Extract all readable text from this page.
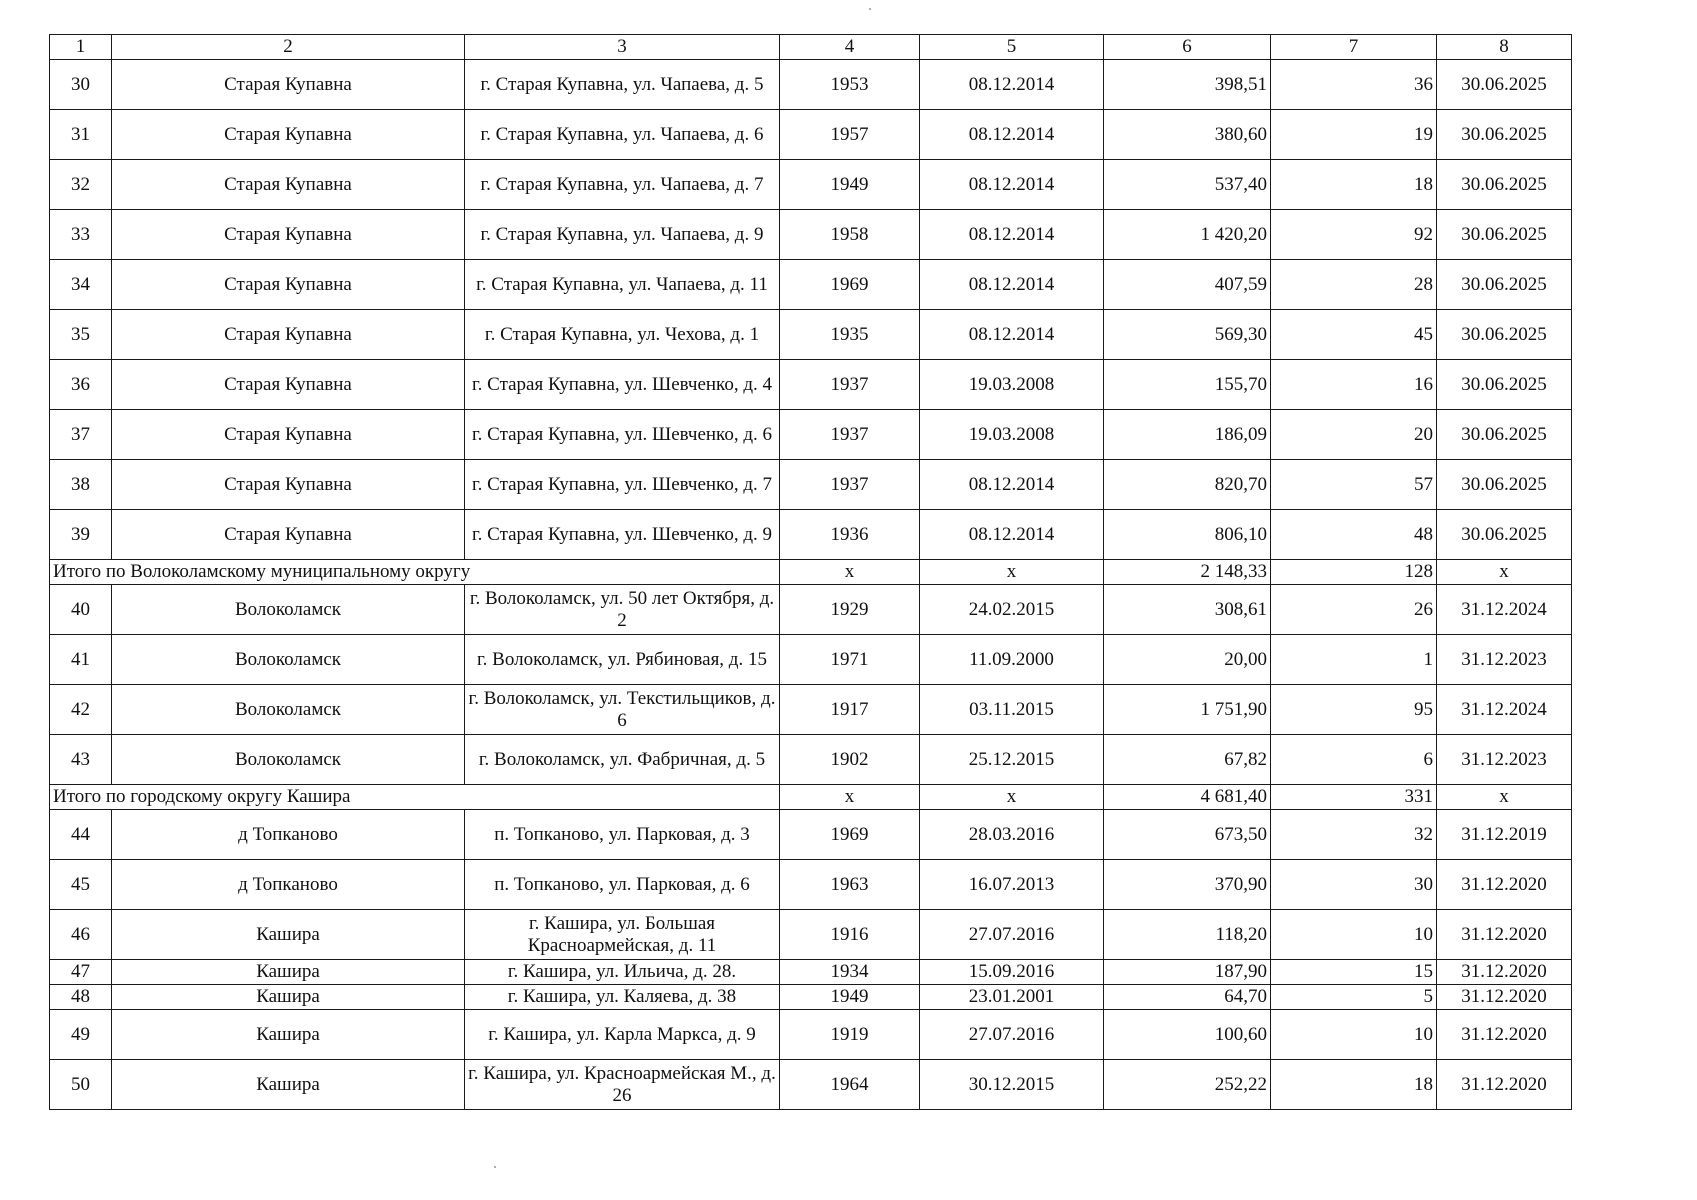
1	2	3	4	5	6	7	8
30	Старая Купавна	г. Старая Купавна, ул. Чапаева, д. 5	1953	08.12.2014	398,51	36	30.06.2025
31	Старая Купавна	г. Старая Купавна, ул. Чапаева, д. 6	1957	08.12.2014	380,60	19	30.06.2025
32	Старая Купавна	г. Старая Купавна, ул. Чапаева, д. 7	1949	08.12.2014	537,40	18	30.06.2025
33	Старая Купавна	г. Старая Купавна, ул. Чапаева, д. 9	1958	08.12.2014	1 420,20	92	30.06.2025
34	Старая Купавна	г. Старая Купавна, ул. Чапаева, д. 11	1969	08.12.2014	407,59	28	30.06.2025
35	Старая Купавна	г. Старая Купавна, ул. Чехова, д. 1	1935	08.12.2014	569,30	45	30.06.2025
36	Старая Купавна	г. Старая Купавна, ул. Шевченко, д. 4	1937	19.03.2008	155,70	16	30.06.2025
37	Старая Купавна	г. Старая Купавна, ул. Шевченко, д. 6	1937	19.03.2008	186,09	20	30.06.2025
38	Старая Купавна	г. Старая Купавна, ул. Шевченко, д. 7	1937	08.12.2014	820,70	57	30.06.2025
39	Старая Купавна	г. Старая Купавна, ул. Шевченко, д. 9	1936	08.12.2014	806,10	48	30.06.2025
Итого по Волоколамскому муниципальному округу			х	х	2 148,33	128	х
40	Волоколамск	г. Волоколамск, ул. 50 лет Октября, д. 2	1929	24.02.2015	308,61	26	31.12.2024
41	Волоколамск	г. Волоколамск, ул. Рябиновая, д. 15	1971	11.09.2000	20,00	1	31.12.2023
42	Волоколамск	г. Волоколамск, ул. Текстильщиков, д. 6	1917	03.11.2015	1 751,90	95	31.12.2024
43	Волоколамск	г. Волоколамск, ул. Фабричная, д. 5	1902	25.12.2015	67,82	6	31.12.2023
Итого по городскому округу Кашира			х	х	4 681,40	331	х
44	д Топканово	п. Топканово, ул. Парковая, д. 3	1969	28.03.2016	673,50	32	31.12.2019
45	д Топканово	п. Топканово, ул. Парковая, д. 6	1963	16.07.2013	370,90	30	31.12.2020
46	Кашира	г. Кашира, ул. Большая Красноармейская, д. 11	1916	27.07.2016	118,20	10	31.12.2020
47	Кашира	г. Кашира, ул. Ильича, д. 28.	1934	15.09.2016	187,90	15	31.12.2020
48	Кашира	г. Кашира, ул. Каляева, д. 38	1949	23.01.2001	64,70	5	31.12.2020
49	Кашира	г. Кашира, ул. Карла Маркса, д. 9	1919	27.07.2016	100,60	10	31.12.2020
50	Кашира	г. Кашира, ул. Красноармейская М., д. 26	1964	30.12.2015	252,22	18	31.12.2020
